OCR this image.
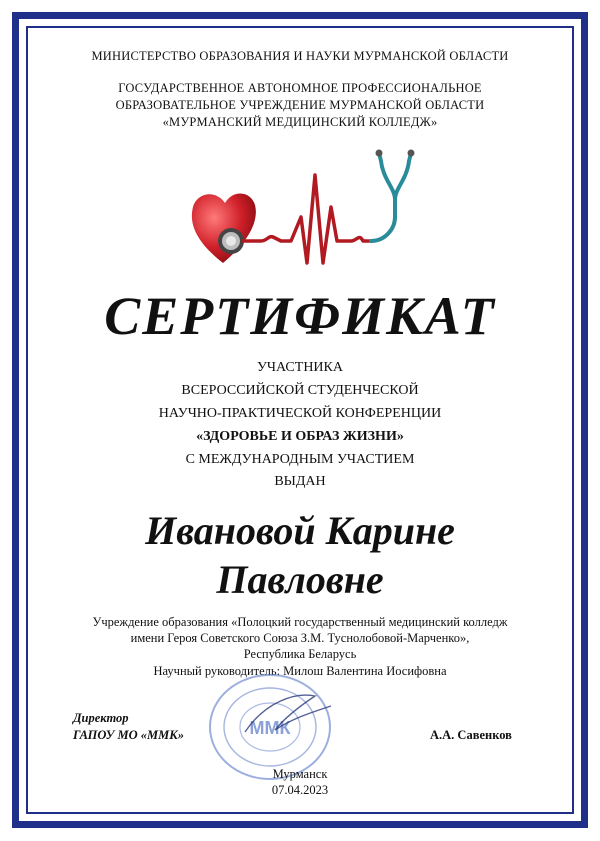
МИНИСТЕРСТВО ОБРАЗОВАНИЯ И НАУКИ МУРМАНСКОЙ ОБЛАСТИ
ГОСУДАРСТВЕННОЕ АВТОНОМНОЕ ПРОФЕССИОНАЛЬНОЕ
ОБРАЗОВАТЕЛЬНОЕ УЧРЕЖДЕНИЕ МУРМАНСКОЙ ОБЛАСТИ
«МУРМАНСКИЙ МЕДИЦИНСКИЙ КОЛЛЕДЖ»
СЕРТИФИКАТ
УЧАСТНИКА
ВСЕРОССИЙСКОЙ СТУДЕНЧЕСКОЙ
НАУЧНО-ПРАКТИЧЕСКОЙ КОНФЕРЕНЦИИ
«ЗДОРОВЬЕ И ОБРАЗ ЖИЗНИ»
С МЕЖДУНАРОДНЫМ УЧАСТИЕМ
ВЫДАН
Ивановой Карине
Павловне
Учреждение образования «Полоцкий государственный медицинский колледж
имени Героя Советского Союза З.М. Туснолобовой-Марченко»,
Республика Беларусь
Научный руководитель: Милош Валентина Иосифовна
ММК
Директор
ГАПОУ МО «ММК»	А.А. Савенков
Мурманск
07.04.2023
